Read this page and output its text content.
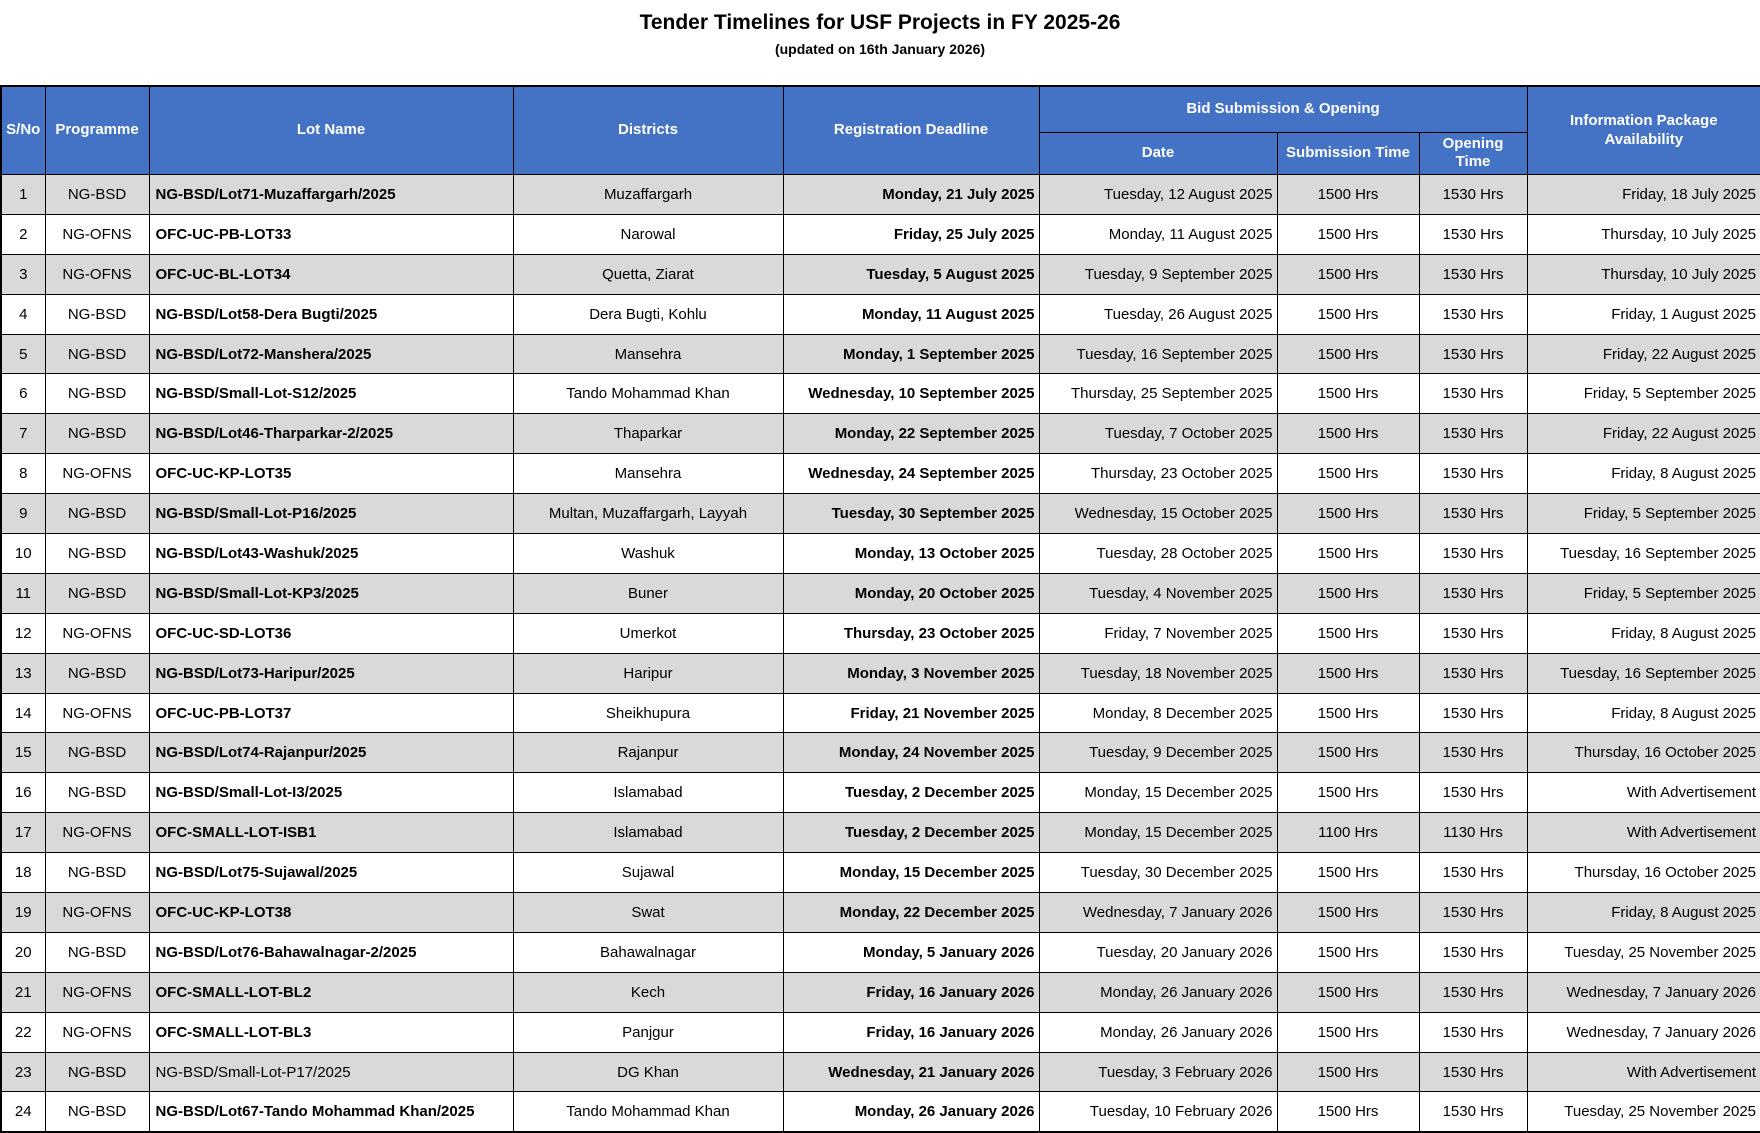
Tender Timelines for USF Projects in FY 2025-26
(updated on 16th January 2026)
S/No	Programme	Lot Name	Districts	Registration Deadline	Bid Submission & Opening			Information Package Availability
					Date	Submission Time	Opening Time	
1	NG-BSD	NG-BSD/Lot71-Muzaffargarh/2025	Muzaffargarh	Monday, 21 July 2025	Tuesday, 12 August 2025	1500 Hrs	1530 Hrs	Friday, 18 July 2025
2	NG-OFNS	OFC-UC-PB-LOT33	Narowal	Friday, 25 July 2025	Monday, 11 August 2025	1500 Hrs	1530 Hrs	Thursday, 10 July 2025
3	NG-OFNS	OFC-UC-BL-LOT34	Quetta, Ziarat	Tuesday, 5 August 2025	Tuesday, 9 September 2025	1500 Hrs	1530 Hrs	Thursday, 10 July 2025
4	NG-BSD	NG-BSD/Lot58-Dera Bugti/2025	Dera Bugti, Kohlu	Monday, 11 August 2025	Tuesday, 26 August 2025	1500 Hrs	1530 Hrs	Friday, 1 August 2025
5	NG-BSD	NG-BSD/Lot72-Manshera/2025	Mansehra	Monday, 1 September 2025	Tuesday, 16 September 2025	1500 Hrs	1530 Hrs	Friday, 22 August 2025
6	NG-BSD	NG-BSD/Small-Lot-S12/2025	Tando Mohammad Khan	Wednesday, 10 September 2025	Thursday, 25 September 2025	1500 Hrs	1530 Hrs	Friday, 5 September 2025
7	NG-BSD	NG-BSD/Lot46-Tharparkar-2/2025	Thaparkar	Monday, 22 September 2025	Tuesday, 7 October 2025	1500 Hrs	1530 Hrs	Friday, 22 August 2025
8	NG-OFNS	OFC-UC-KP-LOT35	Mansehra	Wednesday, 24 September 2025	Thursday, 23 October 2025	1500 Hrs	1530 Hrs	Friday, 8 August 2025
9	NG-BSD	NG-BSD/Small-Lot-P16/2025	Multan, Muzaffargarh, Layyah	Tuesday, 30 September 2025	Wednesday, 15 October 2025	1500 Hrs	1530 Hrs	Friday, 5 September 2025
10	NG-BSD	NG-BSD/Lot43-Washuk/2025	Washuk	Monday, 13 October 2025	Tuesday, 28 October 2025	1500 Hrs	1530 Hrs	Tuesday, 16 September 2025
11	NG-BSD	NG-BSD/Small-Lot-KP3/2025	Buner	Monday, 20 October 2025	Tuesday, 4 November 2025	1500 Hrs	1530 Hrs	Friday, 5 September 2025
12	NG-OFNS	OFC-UC-SD-LOT36	Umerkot	Thursday, 23 October 2025	Friday, 7 November 2025	1500 Hrs	1530 Hrs	Friday, 8 August 2025
13	NG-BSD	NG-BSD/Lot73-Haripur/2025	Haripur	Monday, 3 November 2025	Tuesday, 18 November 2025	1500 Hrs	1530 Hrs	Tuesday, 16 September 2025
14	NG-OFNS	OFC-UC-PB-LOT37	Sheikhupura	Friday, 21 November 2025	Monday, 8 December 2025	1500 Hrs	1530 Hrs	Friday, 8 August 2025
15	NG-BSD	NG-BSD/Lot74-Rajanpur/2025	Rajanpur	Monday, 24 November 2025	Tuesday, 9 December 2025	1500 Hrs	1530 Hrs	Thursday, 16 October 2025
16	NG-BSD	NG-BSD/Small-Lot-I3/2025	Islamabad	Tuesday, 2 December 2025	Monday, 15 December 2025	1500 Hrs	1530 Hrs	With Advertisement
17	NG-OFNS	OFC-SMALL-LOT-ISB1	Islamabad	Tuesday, 2 December 2025	Monday, 15 December 2025	1100 Hrs	1130 Hrs	With Advertisement
18	NG-BSD	NG-BSD/Lot75-Sujawal/2025	Sujawal	Monday, 15 December 2025	Tuesday, 30 December 2025	1500 Hrs	1530 Hrs	Thursday, 16 October 2025
19	NG-OFNS	OFC-UC-KP-LOT38	Swat	Monday, 22 December 2025	Wednesday, 7 January 2026	1500 Hrs	1530 Hrs	Friday, 8 August 2025
20	NG-BSD	NG-BSD/Lot76-Bahawalnagar-2/2025	Bahawalnagar	Monday, 5 January 2026	Tuesday, 20 January 2026	1500 Hrs	1530 Hrs	Tuesday, 25 November 2025
21	NG-OFNS	OFC-SMALL-LOT-BL2	Kech	Friday, 16 January 2026	Monday, 26 January 2026	1500 Hrs	1530 Hrs	Wednesday, 7 January 2026
22	NG-OFNS	OFC-SMALL-LOT-BL3	Panjgur	Friday, 16 January 2026	Monday, 26 January 2026	1500 Hrs	1530 Hrs	Wednesday, 7 January 2026
23	NG-BSD	NG-BSD/Small-Lot-P17/2025	DG Khan	Wednesday, 21 January 2026	Tuesday, 3 February 2026	1500 Hrs	1530 Hrs	With Advertisement
24	NG-BSD	NG-BSD/Lot67-Tando Mohammad Khan/2025	Tando Mohammad Khan	Monday, 26 January 2026	Tuesday, 10 February 2026	1500 Hrs	1530 Hrs	Tuesday, 25 November 2025
